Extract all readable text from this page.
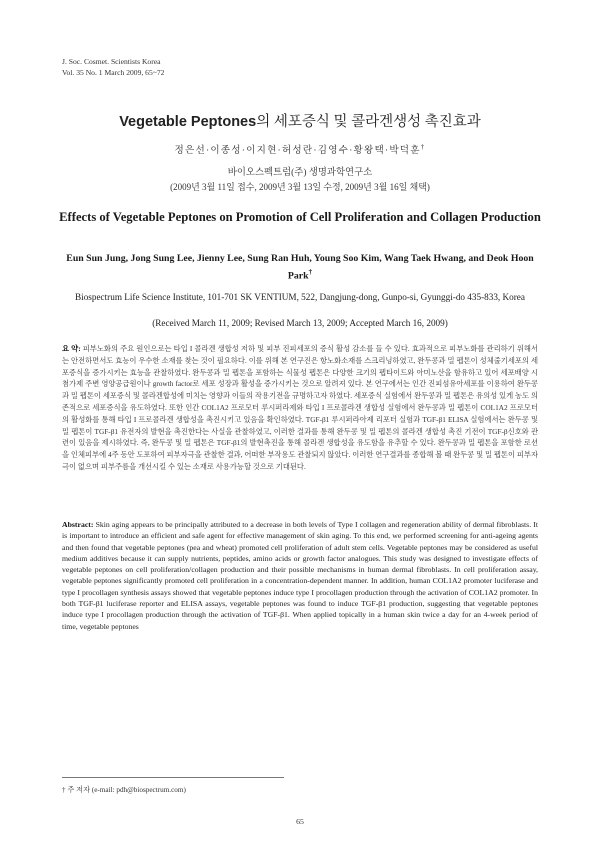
J. Soc. Cosmet. Scientists Korea
Vol. 35 No. 1 March 2009, 65~72
Vegetable Peptones의 세포증식 및 콜라겐생성 촉진효과
정은선·이종성·이지현·허성란·김영수·황왕택·박덕훈†
바이오스펙트럼(주) 생명과학연구소
(2009년 3월 11일 접수, 2009년 3월 13일 수정, 2009년 3월 16일 채택)
Effects of Vegetable Peptones on Promotion of Cell Proliferation and Collagen Production
Eun Sun Jung, Jong Sung Lee, Jienny Lee, Sung Ran Huh, Young Soo Kim, Wang Taek Hwang, and Deok Hoon Park†
Biospectrum Life Science Institute, 101-701 SK VENTIUM, 522, Dangjung-dong, Gunpo-si, Gyunggi-do 435-833, Korea
(Received March 11, 2009; Revised March 13, 2009; Accepted March 16, 2009)
요 약: 피부노화의 주요 원인으로는 타입 I 콜라겐 생합성 저하 및 피부 진피세포의 증식 활성 감소를 들 수 있다. 효과적으로 피부노화를 관리하기 위해서는 안전하면서도 효능이 우수한 소재를 찾는 것이 필요하다. 이를 위해 본 연구진은 항노화소재를 스크리닝하였고, 완두콩과 밀 펩톤이 성체줄기세포의 세포증식을 증가시키는 효능을 관찰하였다. 완두콩과 밀 펩톤을 포함하는 식물성 펩톤은 다양한 크기의 펩타이드와 아미노산을 함유하고 있어 세포배양 시 첨가제 주변 영양공급원이나 growth factor로 세포 성장과 활성을 증가시키는 것으로 알려져 있다. 본 연구에서는 인간 진피섬유아세포를 이용하여 완두콩과 밀 펩톤이 세포증식 및 콜라겐합성에 미치는 영향과 이들의 작용기전을 규명하고자 하였다. 세포증식 실험에서 완두콩과 밀 펩톤은 유의성 있게 농도 의존적으로 세포증식을 유도하였다. 또한 인간 COL1A2 프로모터 루시퍼라제와 타입 I 프로콜라겐 생합성 실험에서 완두콩과 밀 펩톤이 COL1A2 프로모터의 활성화를 통해 타입 I 프로콜라겐 생합성을 촉진시키고 있음을 확인하였다. TGF-β1 루시퍼라아제 리포터 실험과 TGF-β1 ELISA 실험에서는 완두콩 및 밀 펩톤이 TGF-β1 유전자의 발현을 촉진한다는 사실을 관찰하였고, 이러한 결과를 통해 완두콩 및 밀 펩톤의 콜라겐 생합성 촉진 기전이 TGF-β신호와 관련이 있음을 제시하였다. 즉, 완두콩 및 밀 펩톤은 TGF-β1의 발현촉진을 통해 콜라겐 생합성을 유도함을 유추할 수 있다. 완두콩과 밀 펩톤을 포함한 로션을 인체피부에 4주 동안 도포하여 피부자극을 관찰한 결과, 어떠한 부작용도 관찰되지 않았다. 이러한 연구결과를 종합해 볼 때 완두콩 및 밀 펩톤이 피부자극이 없으며 피부주름을 개선시킬 수 있는 소재로 사용가능할 것으로 기대된다.
Abstract: Skin aging appears to be principally attributed to a decrease in both levels of Type I collagen and regeneration ability of dermal fibroblasts. It is important to introduce an efficient and safe agent for effective management of skin aging. To this end, we performed screening for anti-ageing agents and then found that vegetable peptones (pea and wheat) promoted cell proliferation of adult stem cells. Vegetable peptones may be considered as useful medium additives because it can supply nutrients, peptides, amino acids or growth factor analogues. This study was designed to investigate effects of vegetable peptones on cell proliferation/collagen production and their possible mechanisms in human dermal fibroblasts. In cell proliferation assay, vegetable peptones significantly promoted cell proliferation in a concentration-dependent manner. In addition, human COL1A2 promoter luciferase and type I procollagen synthesis assays showed that vegetable peptones induce type I procollagen production through the activation of COL1A2 promoter. In both TGF-β1 luciferase reporter and ELISA assays, vegetable peptones was found to induce TGF-β1 production, suggesting that vegetable peptones induce type I procollagen production through the activation of TGF-β1. When applied topically in a human skin twice a day for an 4-week period of time, vegetable peptones
† 주 저자 (e-mail: pdh@biospectrum.com)
65
